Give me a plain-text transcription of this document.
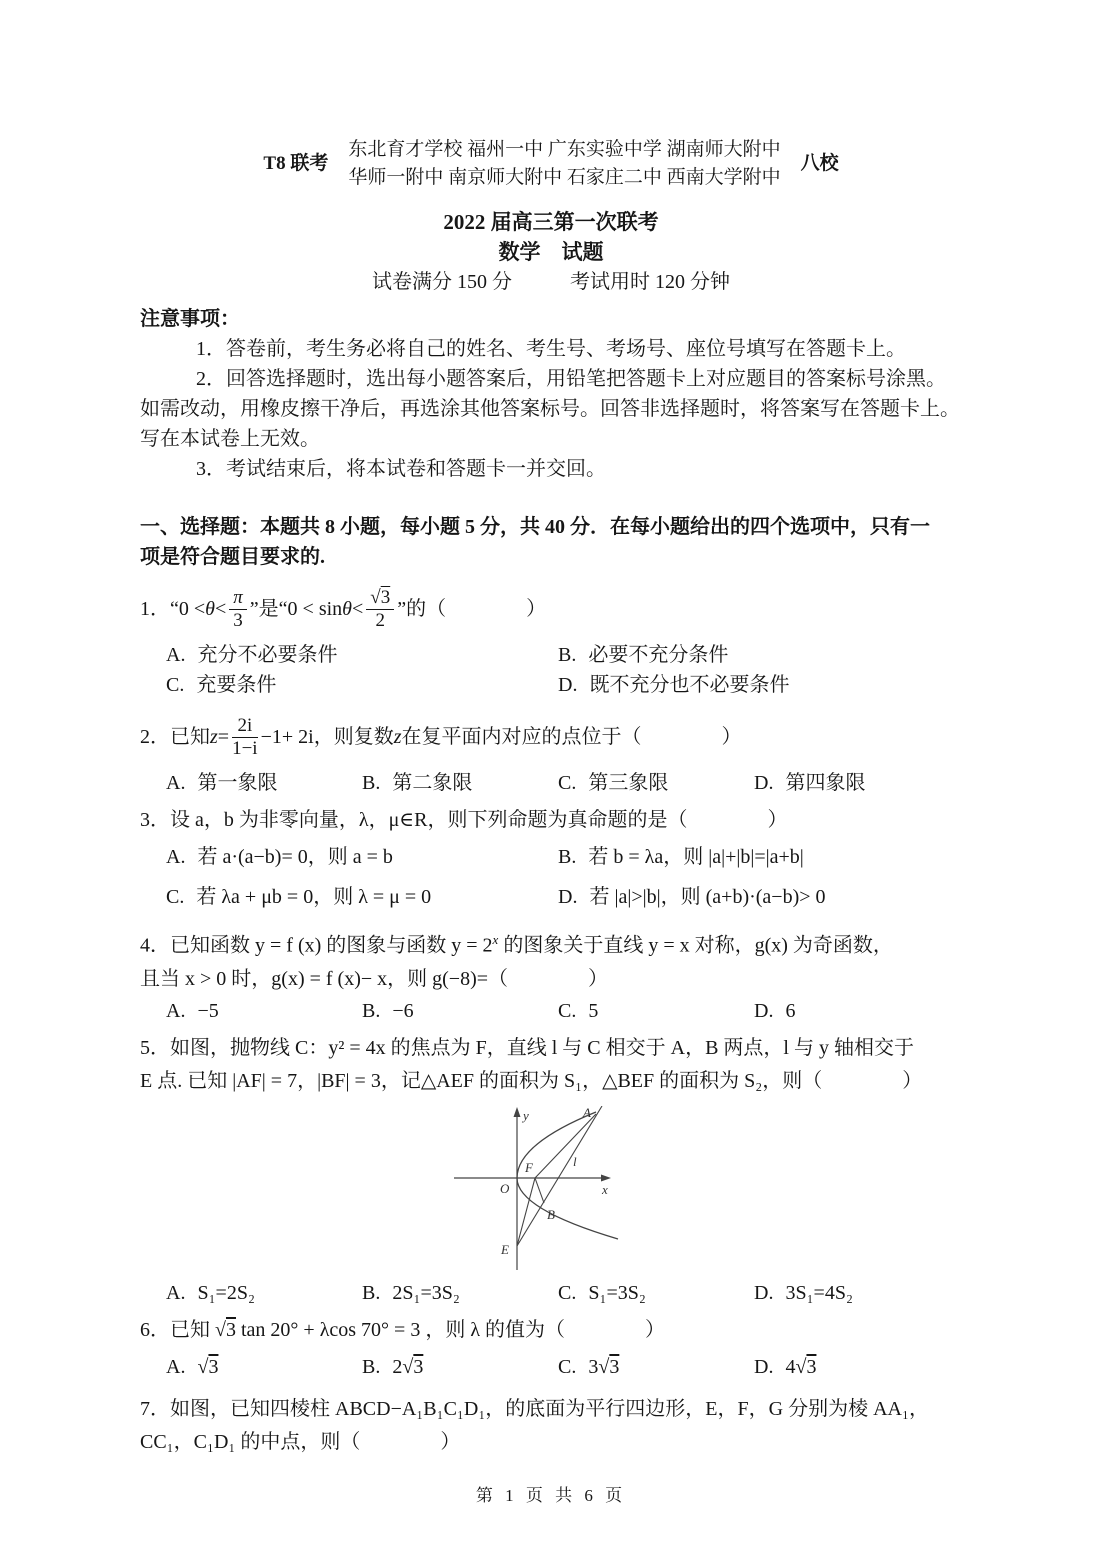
T8 联考
东北育才学校 福州一中 广东实验中学 湖南师大附中
华师一附中 南京师大附中 石家庄二中 西南大学附中
八校
2022 届高三第一次联考
数学　试题
试卷满分 150 分	考试用时 120 分钟
注意事项：
1．答卷前，考生务必将自己的姓名、考生号、考场号、座位号填写在答题卡上。
2．回答选择题时，选出每小题答案后，用铅笔把答题卡上对应题目的答案标号涂黑。
如需改动，用橡皮擦干净后，再选涂其他答案标号。回答非选择题时，将答案写在答题卡上。
写在本试卷上无效。
3．考试结束后，将本试卷和答题卡一并交回。
一、选择题：本题共 8 小题，每小题 5 分，共 40 分．在每小题给出的四个选项中，只有一
项是符合题目要求的.
1．“$0 < \theta < \frac{\pi}{3}$ ”是“$0 < \sin \theta < \frac{√3}{2}$ ”的（　　　　）
A. 充分不必要条件	B. 必要不充分条件
C. 充要条件	D. 既不充分也不必要条件
2．已知 $z = \frac{2i}{1-i} -1+ 2i$，则复数 z 在复平面内对应的点位于（　　　　）
A. 第一象限	B. 第二象限	C. 第三象限	D. 第四象限
3．设 a，b 为非零向量，λ，μ∈R，则下列命题为真命题的是（　　　　）
A. 若 a·(a−b)= 0，则 a = b	B. 若 b = λa，则 |a|+|b|=|a+b|
C. 若 λa + μb = 0，则 λ = μ = 0	D. 若 |a|>|b|，则 (a+b)·(a−b)> 0
4．已知函数 y = f (x) 的图象与函数 $y = 2^x$ 的图象关于直线 y = x 对称，g(x) 为奇函数，
且当 x > 0 时，g(x) = f (x)− x，则 g(−8)=（　　　　）
A. −5	B. −6	C. 5	D. 6
5．如图，抛物线 C：y² = 4x 的焦点为 F，直线 l 与 C 相交于 A，B 两点，l 与 y 轴相交于
E 点. 已知 |AF| = 7，|BF| = 3，记△AEF 的面积为 S₁，△BEF 的面积为 S₂，则（　　　　）
y
x
O
F
A
B
E
l
A. S₁=2S₂	B. 2S₁=3S₂	C. S₁=3S₂	D. 3S₁=4S₂
6．已知 √3 tan 20° + λcos 70° = 3 ，则 λ 的值为（　　　　）
A. √ 3	B. 2 √ 3	C. 3 √ 3	D. 4 √ 3
7．如图，已知四棱柱 ABCD−A₁B₁C₁D₁，的底面为平行四边形，E，F，G 分别为棱 AA₁，
CC₁，C₁D₁ 的中点，则（　　　　）
第 1 页 共 6 页
